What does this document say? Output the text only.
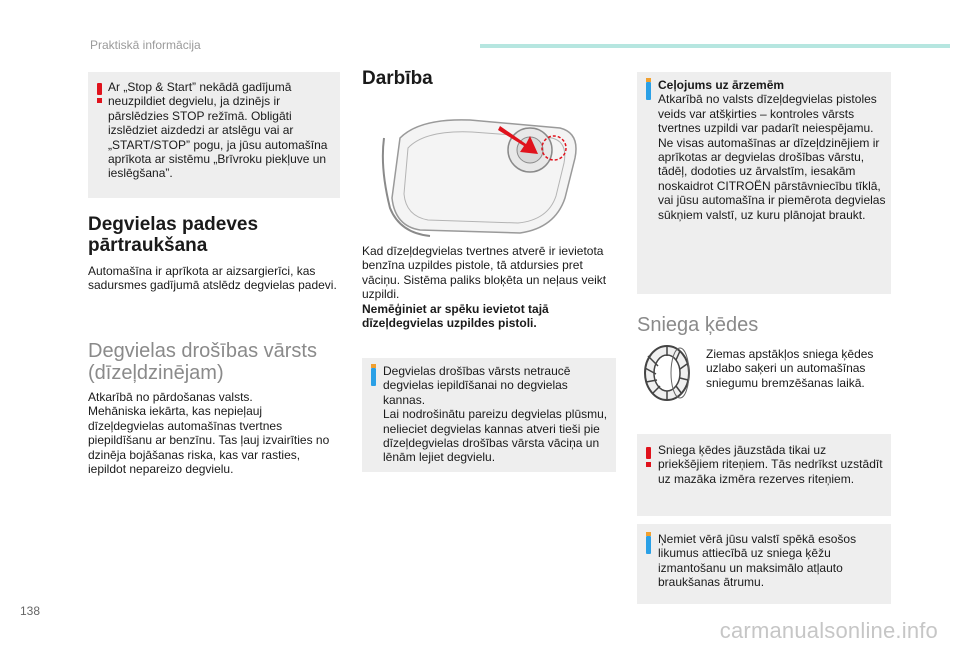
Praktiskā informācija
Ar „Stop & Start” nekādā gadījumā neuzpildiet degvielu, ja dzinējs ir pārslēdzies STOP režīmā. Obligāti izslēdziet aizdedzi ar atslēgu vai ar „START/STOP” pogu, ja jūsu automašīna aprīkota ar sistēmu „Brīvroku piekļuve un ieslēgšana”.
Degvielas padeves pārtraukšana
Automašīna ir aprīkota ar aizsargierīci, kas sadursmes gadījumā atslēdz degvielas padevi.
Degvielas drošības vārsts (dīzeļdzinējam)
Atkarībā no pārdošanas valsts.
Mehāniska iekārta, kas nepieļauj dīzeļdegvielas automašīnas tvertnes piepildīšanu ar benzīnu. Tas ļauj izvairīties no dzinēja bojāšanas riska, kas var rasties, iepildot nepareizo degvielu.
Darbība
Kad dīzeļdegvielas tvertnes atverē ir ievietota benzīna uzpildes pistole, tā atdursies pret vāciņu. Sistēma paliks bloķēta un neļaus veikt uzpildi.
Nemēģiniet ar spēku ievietot tajā dīzeļdegvielas uzpildes pistoli.
Degvielas drošības vārsts netraucē degvielas iepildīšanai no degvielas kannas.
Lai nodrošinātu pareizu degvielas plūsmu, nelieciet degvielas kannas atveri tieši pie dīzeļdegvielas drošības vārsta vāciņa un lēnām lejiet degvielu.
Ceļojums uz ārzemēm
Atkarībā no valsts dīzeļdegvielas pistoles veids var atšķirties – kontroles vārsts tvertnes uzpildi var padarīt neiespējamu.
Ne visas automašīnas ar dīzeļdzinējiem ir aprīkotas ar degvielas drošības vārstu, tādēļ, dodoties uz ārvalstīm, iesakām noskaidrot CITROËN pārstāvniecību tīklā, vai jūsu automašīna ir piemērota degvielas sūkņiem valstī, uz kuru plānojat braukt.
Sniega ķēdes
Ziemas apstākļos sniega ķēdes uzlabo saķeri un automašīnas sniegumu bremzēšanas laikā.
Sniega ķēdes jāuzstāda tikai uz priekšējiem riteņiem. Tās nedrīkst uzstādīt uz mazāka izmēra rezerves riteņiem.
Ņemiet vērā jūsu valstī spēkā esošos likumus attiecībā uz sniega ķēžu izmantošanu un maksimālo atļauto braukšanas ātrumu.
138
carmanualsonline.info
